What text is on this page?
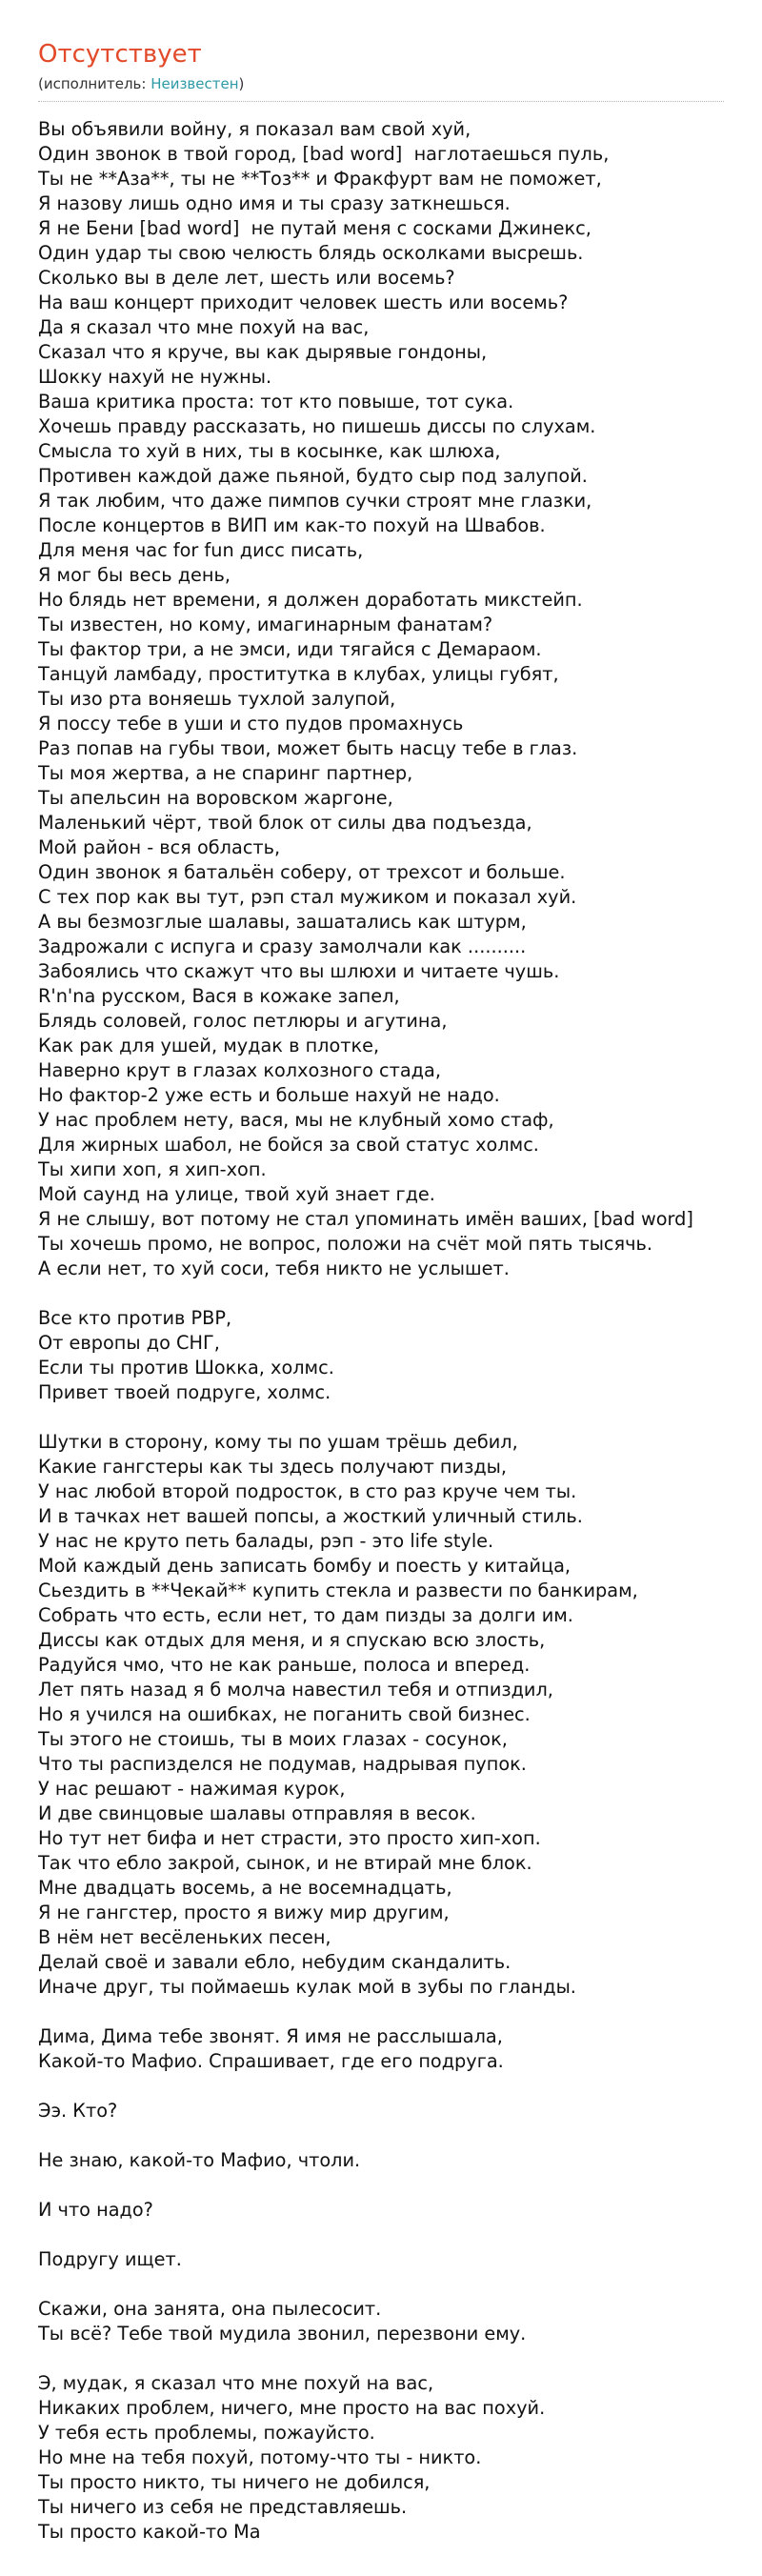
Отсутствует
(исполнитель: Неизвестен)
Вы объявили войну, я показал вам свой хуй,
Один звонок в твой город, [bad word]  наглотаешься пуль,
Ты не **Аза**, ты не **Тоз** и Фракфурт вам не поможет,
Я назову лишь одно имя и ты сразу заткнешься.
Я не Бени [bad word]  не путай меня с сосками Джинекс,
Один удар ты свою челюсть блядь осколками высрешь.
Сколько вы в деле лет, шесть или восемь?
На ваш концерт приходит человек шесть или восемь?
Да я сказал что мне похуй на вас,
Сказал что я круче, вы как дырявые гондоны,
Шокку нахуй не нужны.
Ваша критика проста: тот кто повыше, тот сука.
Хочешь правду рассказать, но пишешь диссы по слухам.
Смысла то хуй в них, ты в косынке, как шлюха,
Противен каждой даже пьяной, будто сыр под залупой.
Я так любим, что даже пимпов сучки строят мне глазки,
После концертов в ВИП им как-то похуй на Швабов.
Для меня час for fun дисс писать,
Я мог бы весь день,
Но блядь нет времени, я должен доработать микстейп.
Ты известен, но кому, имагинарным фанатам?
Ты фактор три, а не эмси, иди тягайся с Демараом.
Танцуй ламбаду, проститутка в клубах, улицы губят,
Ты изо рта воняешь тухлой залупой,
Я поссу тебе в уши и сто пудов промахнусь
Раз попав на губы твои, может быть насцу тебе в глаз.
Ты моя жертва, а не спаринг партнер,
Ты апельсин на воровском жаргоне,
Маленький чёрт, твой блок от силы два подъезда,
Мой район - вся область,
Один звонок я батальён соберу, от трехсот и больше.
С тех пор как вы тут, рэп стал мужиком и показал хуй.
А вы безмозглые шалавы, зашатались как штурм,
Задрожали с испуга и сразу замолчали как ..........
Забоялись что скажут что вы шлюхи и читаете чушь.
R'n'na русском, Вася в кожаке запел,
Блядь соловей, голос петлюры и агутина,
Как рак для ушей, мудак в плотке,
Наверно крут в глазах колхозного стада,
Но фактор-2 уже есть и больше нахуй не надо.
У нас проблем нету, вася, мы не клубный хомо стаф,
Для жирных шабол, не бойся за свой статус холмс.
Ты хипи хоп, я хип-хоп.
Мой саунд на улице, твой хуй знает где.
Я не слышу, вот потому не стал упоминать имён ваших, [bad word]
Ты хочешь промо, не вопрос, положи на счёт мой пять тысячь.
А если нет, то хуй соси, тебя никто не услышет.
Все кто против РВР,
От европы до СНГ,
Если ты против Шокка, холмс.
Привет твоей подруге, холмс.
Шутки в сторону, кому ты по ушам трёшь дебил,
Какие гангстеры как ты здесь получают пизды,
У нас любой второй подросток, в сто раз круче чем ты.
И в тачках нет вашей попсы, а жосткий уличный стиль.
У нас не круто петь балады, рэп - это life style.
Мой каждый день записать бомбу и поесть у китайца,
Сьездить в **Чекай** купить стекла и развести по банкирам,
Собрать что есть, если нет, то дам пизды за долги им.
Диссы как отдых для меня, и я спускаю всю злость,
Радуйся чмо, что не как раньше, полоса и вперед.
Лет пять назад я б молча навестил тебя и отпиздил,
Но я учился на ошибках, не поганить свой бизнес.
Ты этого не стоишь, ты в моих глазах - сосунок,
Что ты распизделся не подумав, надрывая пупок.
У нас решают - нажимая курок,
И две свинцовые шалавы отправляя в весок.
Но тут нет бифа и нет страсти, это просто хип-хоп.
Так что ебло закрой, сынок, и не втирай мне блок.
Мне двадцать восемь, а не восемнадцать,
Я не гангстер, просто я вижу мир другим,
В нём нет весёленьких песен,
Делай своё и завали ебло, небудим скандалить.
Иначе друг, ты поймаешь кулак мой в зубы по гланды.
Дима, Дима тебе звонят. Я имя не расслышала,
Какой-то Мафио. Спрашивает, где его подруга.
Ээ. Кто?
Не знаю, какой-то Мафио, чтоли.
И что надо?
Подругу ищет.
Скажи, она занята, она пылесосит.
Ты всё? Тебе твой мудила звонил, перезвони ему.
Э, мудак, я сказал что мне похуй на вас,
Никаких проблем, ничего, мне просто на вас похуй.
У тебя есть проблемы, пожауйсто.
Но мне на тебя похуй, потому-что ты - никто.
Ты просто никто, ты ничего не добился,
Ты ничего из себя не представляешь.
Ты просто какой-то Ма
